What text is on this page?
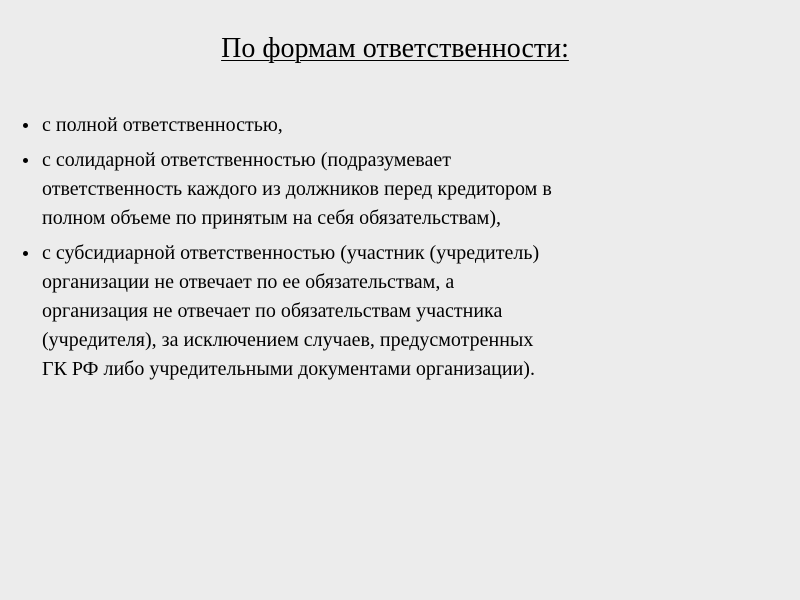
По формам ответственности:
с полной ответственностью,
с солидарной ответственностью (подразумевает
ответственность каждого из должников перед кредитором в
полном объеме по принятым на себя обязательствам),
с субсидиарной ответственностью (участник (учредитель)
организации не отвечает по ее обязательствам, а
организация не отвечает по обязательствам участника
(учредителя), за исключением случаев, предусмотренных
ГК РФ либо учредительными документами организации).
